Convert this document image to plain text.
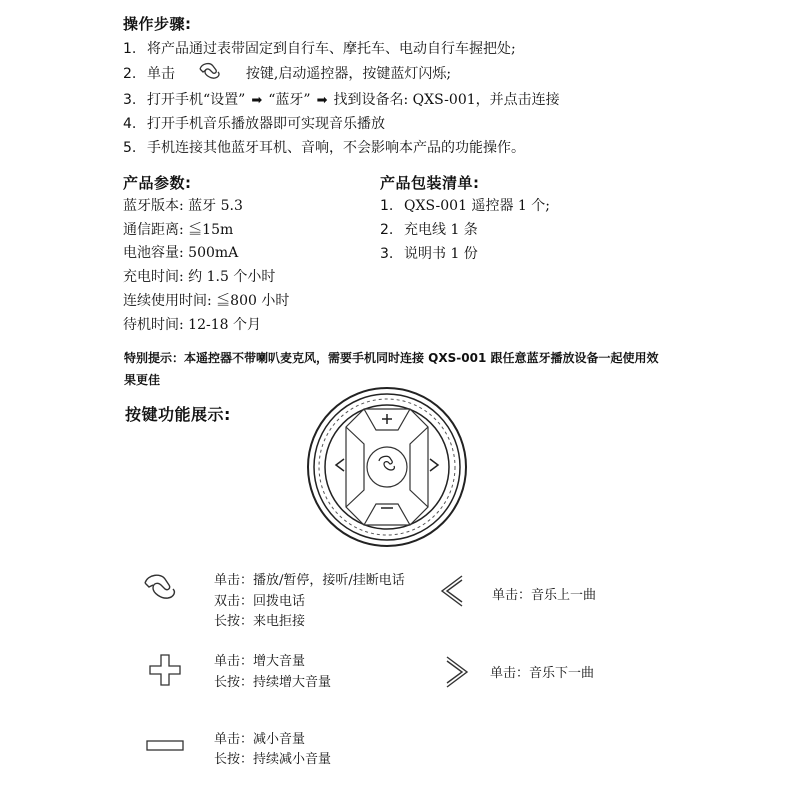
操作步骤:
1. 将产品通过表带固定到自行车、摩托车、电动自行车握把处;
2. 单击	按键,启动遥控器，按键蓝灯闪烁;
3. 打开手机“设置” ➡ “蓝牙” ➡ 找到设备名: QXS-001，并点击连接
4. 打开手机音乐播放器即可实现音乐播放
5. 手机连接其他蓝牙耳机、音响，不会影响本产品的功能操作。
产品参数:
蓝牙版本: 蓝牙 5.3
通信距离: ≦15m
电池容量: 500mA
充电时间: 约 1.5 个小时
连续使用时间: ≦800 小时
待机时间: 12-18 个月
产品包装清单:
1. QXS-001 遥控器 1 个;
2. 充电线 1 条
3. 说明书 1 份
特别提示：本遥控器不带喇叭麦克风，需要手机同时连接 QXS-001 跟任意蓝牙播放设备一起使用效果更佳
按键功能展示:
单击：播放/暂停，接听/挂断电话
双击：回拨电话
长按：来电拒接
单击：音乐上一曲
单击：增大音量
长按：持续增大音量
单击：音乐下一曲
单击：减小音量
长按：持续减小音量
